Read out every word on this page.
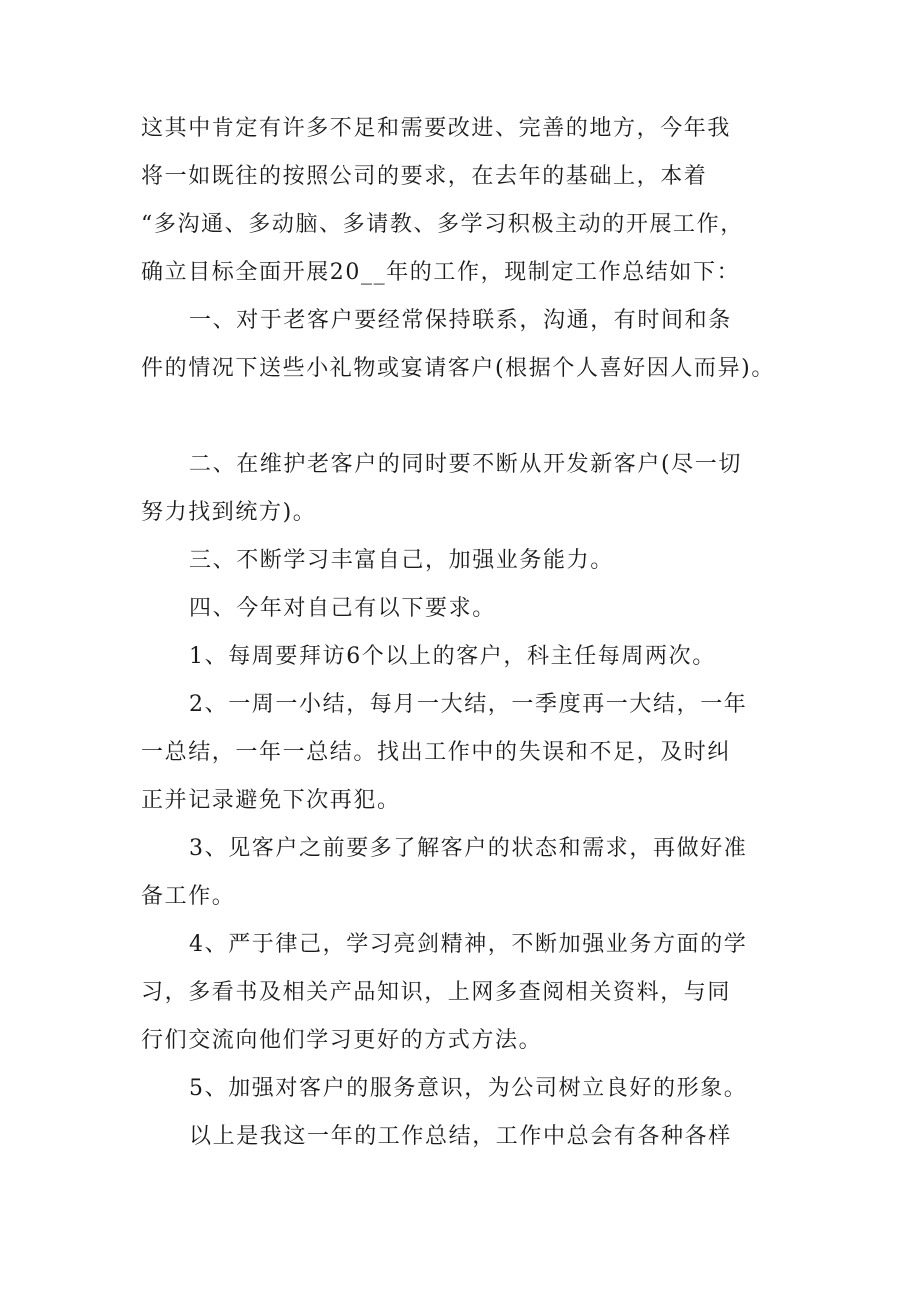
这其中肯定有许多不足和需要改进、完善的地方，今年我
将一如既往的按照公司的要求，在去年的基础上，本着
“多沟通、多动脑、多请教、多学习积极主动的开展工作，
确立目标全面开展20__年的工作，现制定工作总结如下：
一、对于老客户要经常保持联系，沟通，有时间和条
件的情况下送些小礼物或宴请客户(根据个人喜好因人而异)。
二、在维护老客户的同时要不断从开发新客户(尽一切
努力找到统方)。
三、不断学习丰富自己，加强业务能力。
四、今年对自己有以下要求。
1、每周要拜访6个以上的客户，科主任每周两次。
2、一周一小结，每月一大结，一季度再一大结，一年
一总结，一年一总结。找出工作中的失误和不足，及时纠
正并记录避免下次再犯。
3、见客户之前要多了解客户的状态和需求，再做好准
备工作。
4、严于律己，学习亮剑精神，不断加强业务方面的学
习，多看书及相关产品知识，上网多查阅相关资料，与同
行们交流向他们学习更好的方式方法。
5、加强对客户的服务意识，为公司树立良好的形象。
以上是我这一年的工作总结，工作中总会有各种各样
